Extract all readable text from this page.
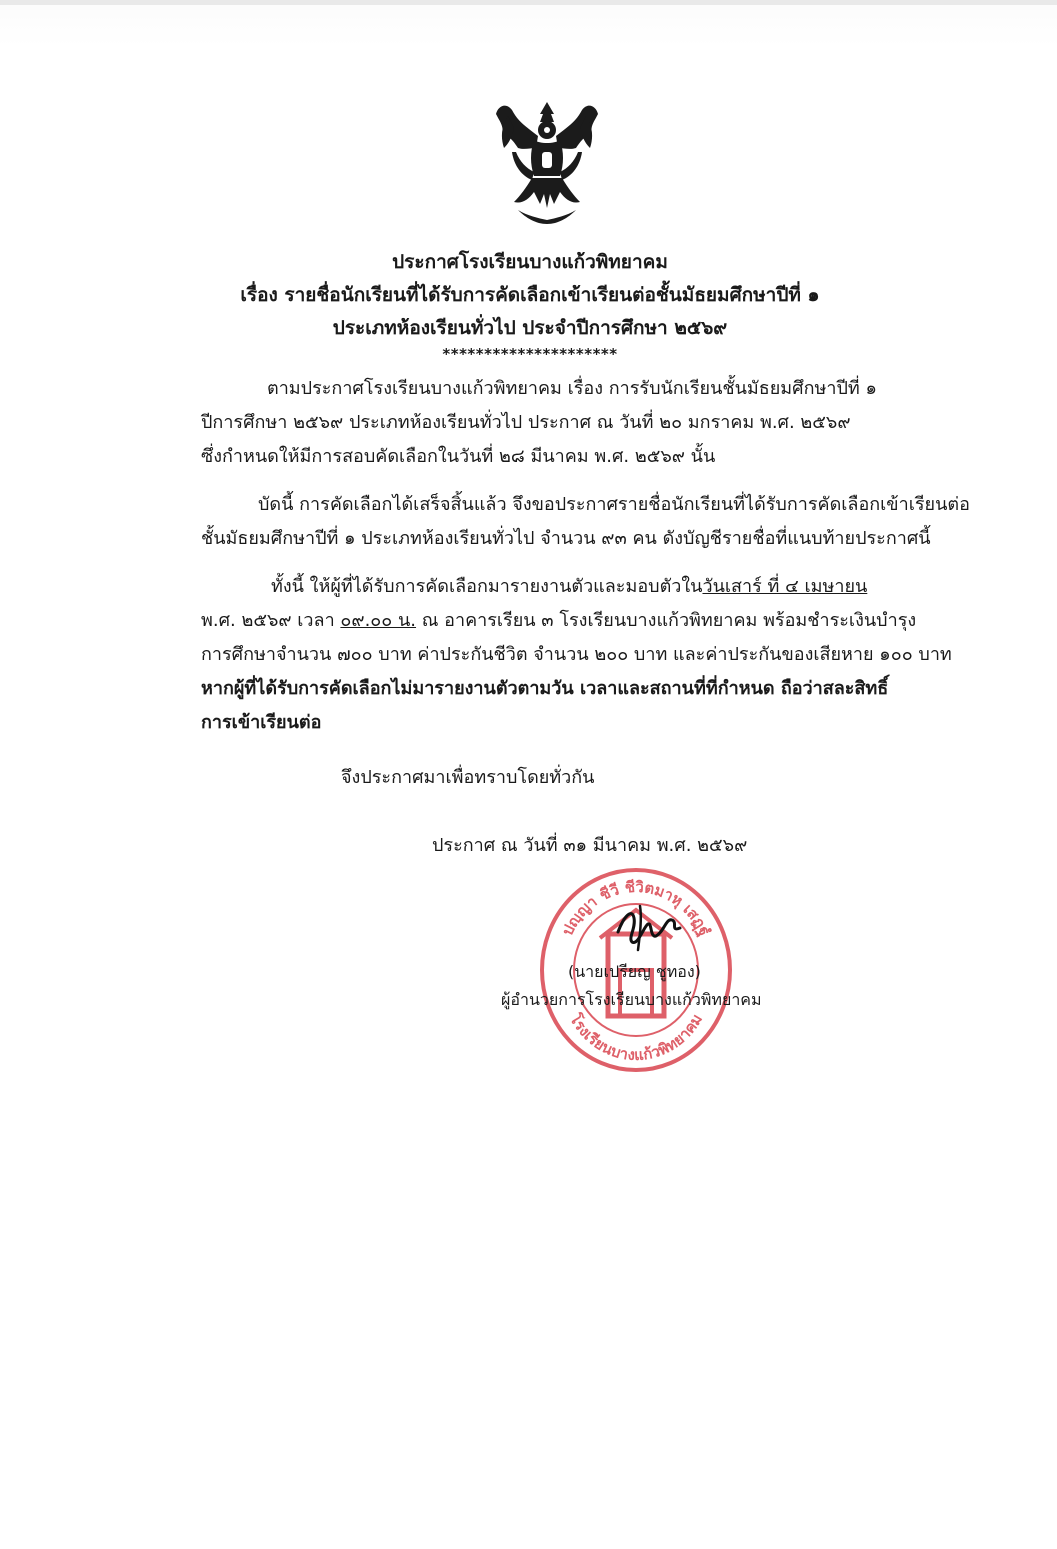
ประกาศโรงเรียนบางแก้วพิทยาคม
เรื่อง รายชื่อนักเรียนที่ได้รับการคัดเลือกเข้าเรียนต่อชั้นมัธยมศึกษาปีที่ ๑
ประเภทห้องเรียนทั่วไป ประจำปีการศึกษา ๒๕๖๙
*********************
ตามประกาศโรงเรียนบางแก้วพิทยาคม เรื่อง การรับนักเรียนชั้นมัธยมศึกษาปีที่ ๑
ปีการศึกษา ๒๕๖๙ ประเภทห้องเรียนทั่วไป ประกาศ ณ วันที่ ๒๐ มกราคม พ.ศ. ๒๕๖๙
ซึ่งกำหนดให้มีการสอบคัดเลือกในวันที่ ๒๘ มีนาคม พ.ศ. ๒๕๖๙ นั้น
บัดนี้ การคัดเลือกได้เสร็จสิ้นแล้ว จึงขอประกาศรายชื่อนักเรียนที่ได้รับการคัดเลือกเข้าเรียนต่อ
ชั้นมัธยมศึกษาปีที่ ๑ ประเภทห้องเรียนทั่วไป จำนวน ๙๓ คน ดังบัญชีรายชื่อที่แนบท้ายประกาศนี้
ทั้งนี้ ให้ผู้ที่ได้รับการคัดเลือกมารายงานตัวและมอบตัวในวันเสาร์ ที่ ๔ เมษายน
พ.ศ. ๒๕๖๙ เวลา ๐๙.๐๐ น. ณ อาคารเรียน ๓ โรงเรียนบางแก้วพิทยาคม พร้อมชำระเงินบำรุง
การศึกษาจำนวน ๗๐๐ บาท ค่าประกันชีวิต จำนวน ๒๐๐ บาท และค่าประกันของเสียหาย ๑๐๐ บาท
หากผู้ที่ได้รับการคัดเลือกไม่มารายงานตัวตามวัน เวลาและสถานที่ที่กำหนด ถือว่าสละสิทธิ์
การเข้าเรียนต่อ
จึงประกาศมาเพื่อทราบโดยทั่วกัน
ประกาศ ณ วันที่ ๓๑ มีนาคม พ.ศ. ๒๕๖๙
ปญฺญา ชีวี ชีวิตมาหุ เสฏฺฐํ
โรงเรียนบางแก้วพิทยาคม
(นายเปรียญ ชูทอง)
ผู้อำนวยการโรงเรียนบางแก้วพิทยาคม
